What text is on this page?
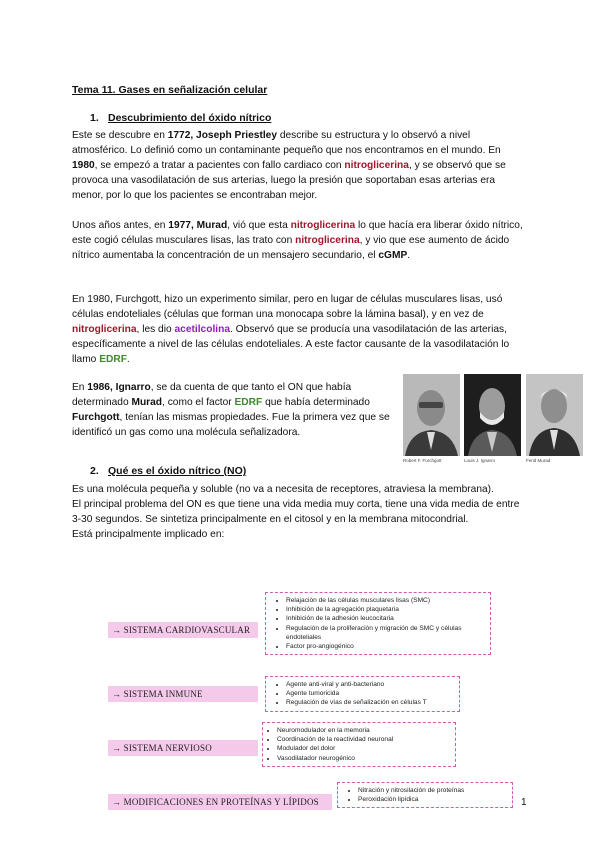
Tema 11. Gases en señalización celular
1. Descubrimiento del óxido nítrico
Este se descubre en 1772, Joseph Priestley describe su estructura y lo observó a nivel atmosférico. Lo definió como un contaminante pequeño que nos encontramos en el mundo. En 1980, se empezó a tratar a pacientes con fallo cardiaco con nitroglicerina, y se observó que se provoca una vasodilatación de sus arterias, luego la presión que soportaban esas arterias era menor, por lo que los pacientes se encontraban mejor.
Unos años antes, en 1977, Murad, vió que esta nitroglicerina lo que hacía era liberar óxido nítrico, este cogió células musculares lisas, las trato con nitroglicerina, y vio que ese aumento de ácido nítrico aumentaba la concentración de un mensajero secundario, el cGMP.
En 1980, Furchgott, hizo un experimento similar, pero en lugar de células musculares lisas, usó células endoteliales (células que forman una monocapa sobre la lámina basal), y en vez de nitroglicerina, les dio acetilcolina. Observó que se producía una vasodilatación de las arterias, específicamente a nivel de las células endoteliales. A este factor causante de la vasodilatación lo llamo EDRF.
En 1986, Ignarro, se da cuenta de que tanto el ON que había determinado Murad, como el factor EDRF que había determinado Furchgott, tenían las mismas propiedades. Fue la primera vez que se identificó un gas como una molécula señalizadora.
Robert F. Furchgott	Louis J. Ignarro	Ferid Murad
2. Qué es el óxido nítrico (NO)
Es una molécula pequeña y soluble (no va a necesita de receptores, atraviesa la membrana).
El principal problema del ON es que tiene una vida media muy corta, tiene una vida media de entre 3-30 segundos. Se sintetiza principalmente en el citosol y en la membrana mitocondrial.
Está principalmente implicado en:
→ SISTEMA CARDIOVASCULAR
• Relajación de las células musculares lisas (SMC)
• Inhibición de la agregación plaquetaria
• Inhibición de la adhesión leucocitaria
• Regulación de la proliferación y migración de SMC y células endoteliales
• Factor pro-angiogénico
→ SISTEMA INMUNE
• Agente anti-viral y anti-bacteriano
• Agente tumoricida
• Regulación de vías de señalización en células T
→ SISTEMA NERVIOSO
• Neuromodulador en la memoria
• Coordinación de la reactividad neuronal
• Modulador del dolor
• Vasodilatador neurogénico
→ MODIFICACIONES EN PROTEÍNAS Y LÍPIDOS
• Nitración y nitrosilación de proteínas
• Peroxidación lipídica	1
